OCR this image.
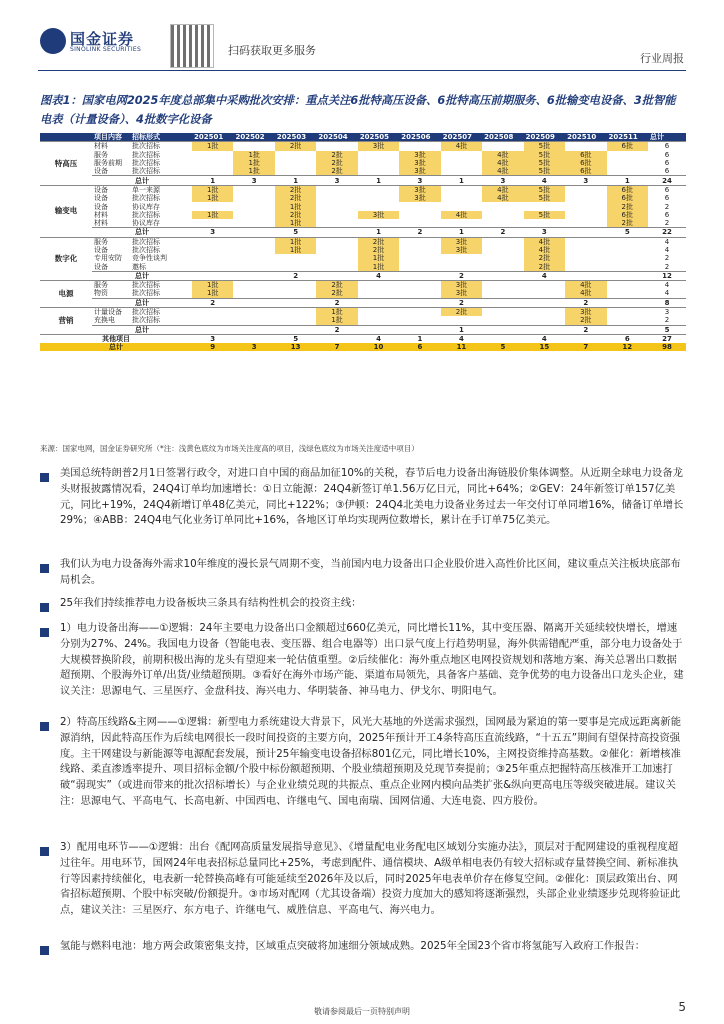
国金证券
SINOLINK SECURITIES	扫码获取更多服务
行业周报
图表1：国家电网2025年度总部集中采购批次安排：重点关注6批特高压设备、6批特高压前期服务、6批输变电设备、3批智能电表（计量设备）、4批数字化设备
	项目内容	招标形式	202501	202502	202503	202504	202505	202506	202507	202508	202509	202510	202511	总计
特高压	材料	批次招标	1批		2批		3批		4批		5批		6批	6
	服务	批次招标		1批		2批		3批		4批	5批	6批		6
	服务前期	批次招标		1批		2批		3批		4批	5批	6批		6
	设备	批次招标		1批		2批		3批		4批	5批	6批		6
	总计		1	3	1	3	1	3	1	3	4	3	1	24
输变电	设备	单一来源	1批		2批			3批		4批	5批		6批	6
	设备	批次招标	1批		2批			3批		4批	5批		6批	6
	设备	协议库存			1批								2批	2
	材料	批次招标	1批		2批		3批		4批		5批		6批	6
	材料	协议库存			1批								2批	2
	总计		3		5		1	2	1	2	3		5	22
数字化	服务	批次招标			1批		2批		3批		4批			4
	设备	批次招标			1批		2批		3批		4批			4
	专用安防	竞争性谈判					1批				2批			2
	设备	邀标					1批				2批			2
	总计				2		4		2		4			12
电源	服务	批次招标	1批			2批			3批			4批		4
	物资	批次招标	1批			2批			3批			4批		4
	总计		2			2			2			2		8
营销	计量设备	批次招标				1批			2批			3批		3
	充换电	批次招标				1批						2批		2
	总计					2			1			2		5
其他项目			3		5		4	1	4		4		6	27
总计			9	3	13	7	10	6	11	5	15	7	12	98
来源：国家电网，国金证券研究所（*注：浅黄色底纹为市场关注度高的项目，浅绿色底纹为市场关注度适中项目）
美国总统特朗普2月1日签署行政令，对进口自中国的商品加征10%的关税，春节后电力设备出海链股价集体调整。从近期全球电力设备龙头财报披露情况看，24Q4订单均加速增长：①日立能源：24Q4新签订单1.56万亿日元，同比+64%；②GEV：24年新签订单157亿美元，同比+19%，24Q4新增订单48亿美元，同比+122%；③伊顿：24Q4北美电力设备业务过去一年交付订单同增16%，储备订单增长29%；④ABB：24Q4电气化业务订单同比+16%，各地区订单均实现两位数增长，累计在手订单75亿美元。
我们认为电力设备海外需求10年维度的漫长景气周期不变，当前国内电力设备出口企业股价进入高性价比区间，建议重点关注板块底部布局机会。
25年我们持续推荐电力设备板块三条具有结构性机会的投资主线：
1）电力设备出海——①逻辑：24年主要电力设备出口金额超过660亿美元，同比增长11%，其中变压器、隔离开关延续较快增长，增速分别为27%、24%。我国电力设备（智能电表、变压器、组合电器等）出口景气度上行趋势明显，海外供需错配严重，部分电力设备处于大规模替换阶段，前期积极出海的龙头有望迎来一轮估值重塑。②后续催化：海外重点地区电网投资规划和落地方案、海关总署出口数据超预期、个股海外订单/出货/业绩超预期。③看好在海外市场产能、渠道布局领先，具备客户基础、竞争优势的电力设备出口龙头企业，建议关注：思源电气、三星医疗、金盘科技、海兴电力、华明装备、神马电力、伊戈尔、明阳电气。
2）特高压线路&主网——①逻辑：新型电力系统建设大背景下，风光大基地的外送需求强烈，国网最为紧迫的第一要事是完成远距离新能源消纳，因此特高压作为后续电网很长一段时间投资的主要方向，2025年预计开工4条特高压直流线路，“十五五”期间有望保持高投资强度。主干网建设与新能源等电源配套发展，预计25年输变电设备招标801亿元，同比增长10%，主网投资维持高基数。②催化：新增核准线路、柔直渗透率提升、项目招标金额/个股中标份额超预期、个股业绩超预期及兑现节奏提前；③25年重点把握特高压核准开工加速打破“弱现实”（或进而带来的批次招标增长）与企业业绩兑现的共振点、重点企业网内模向品类扩张&纵向更高电压等级突破进展。建议关注：思源电气、平高电气、长高电新、中国西电、许继电气、国电南瑞、国网信通、大连电瓷、四方股份。
3）配用电环节——①逻辑：出台《配网高质量发展指导意见》、《增量配电业务配电区域划分实施办法》，顶层对于配网建设的重视程度超过往年。用电环节，国网24年电表招标总量同比+25%，考虑到配件、通信模块、A级单相电表仍有较大招标或存量替换空间、新标准执行等因素持续催化，电表新一轮替换高峰有可能延续至2026年及以后，同时2025年电表单价存在修复空间。②催化：顶层政策出台、网省招标超预期、个股中标突破/份额提升。③市场对配网（尤其设备端）投资力度加大的感知将逐渐强烈，头部企业业绩逐步兑现将验证此点，建议关注：三星医疗、东方电子、许继电气、威胜信息、平高电气、海兴电力。
氢能与燃料电池：地方两会政策密集支持，区域重点突破将加速细分领域成熟。2025年全国23个省市将氢能写入政府工作报告：
敬请参阅最后一页特别声明	5
